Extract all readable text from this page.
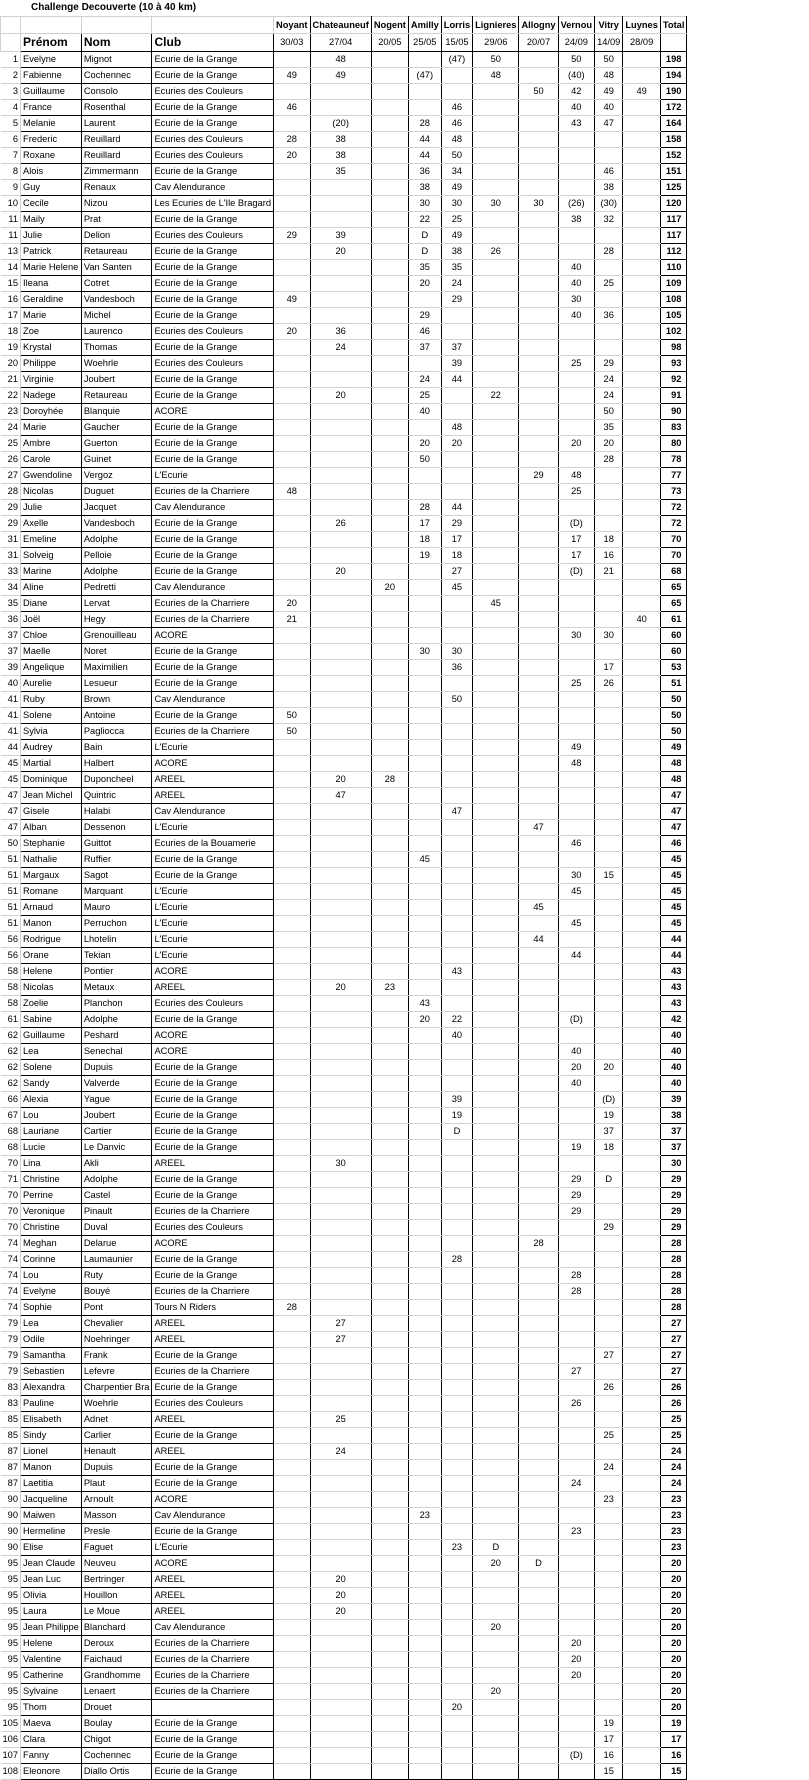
Challenge Decouverte (10 à 40 km)
				Noyant	Chateauneuf	Nogent	Amilly	Lorris	Lignieres	Allogny	Vernou	Vitry	Luynes	Total
	Prénom	Nom	Club	30/03	27/04	20/05	25/05	15/05	29/06	20/07	24/09	14/09	28/09	
1	Evelyne	Mignot	Ecurie de la Grange		48			(47)	50		50	50		198
2	Fabienne	Cochennec	Ecurie de la Grange	49	49		(47)		48		(40)	48		194
3	Guillaume	Consolo	Ecuries des Couleurs							50	42	49	49	190
4	France	Rosenthal	Ecurie de la Grange	46				46			40	40		172
5	Melanie	Laurent	Ecurie de la Grange		(20)		28	46			43	47		164
6	Frederic	Reuillard	Ecuries des Couleurs	28	38		44	48						158
7	Roxane	Reuillard	Ecuries des Couleurs	20	38		44	50						152
8	Alois	Zimmermann	Ecurie de la Grange		35		36	34				46		151
9	Guy	Renaux	Cav Alendurance				38	49				38		125
10	Cecile	Nizou	Les Ecuries de L'Ile Bragard				30	30	30	30	(26)	(30)		120
11	Maily	Prat	Ecurie de la Grange				22	25			38	32		117
11	Julie	Delion	Ecuries des Couleurs	29	39		D	49						117
13	Patrick	Retaureau	Ecurie de la Grange		20		D	38	26			28		112
14	Marie Helene	Van Santen	Ecurie de la Grange				35	35			40			110
15	Ileana	Cotret	Ecurie de la Grange				20	24			40	25		109
16	Geraldine	Vandesboch	Ecurie de la Grange	49				29			30			108
17	Marie	Michel	Ecurie de la Grange				29				40	36		105
18	Zoe	Laurenco	Ecuries des Couleurs	20	36		46							102
19	Krystal	Thomas	Ecurie de la Grange		24		37	37						98
20	Philippe	Woehrle	Ecuries des Couleurs					39			25	29		93
21	Virginie	Joubert	Ecurie de la Grange				24	44				24		92
22	Nadege	Retaureau	Ecurie de la Grange		20		25		22			24		91
23	Doroyhée	Blanquie	ACORE				40					50		90
24	Marie	Gaucher	Ecurie de la Grange					48				35		83
25	Ambre	Guerton	Ecurie de la Grange				20	20			20	20		80
26	Carole	Guinet	Ecurie de la Grange				50					28		78
27	Gwendoline	Vergoz	L'Ecurie							29	48			77
28	Nicolas	Duguet	Ecuries de la Charriere	48							25			73
29	Julie	Jacquet	Cav Alendurance				28	44						72
29	Axelle	Vandesboch	Ecurie de la Grange		26		17	29			(D)			72
31	Emeline	Adolphe	Ecurie de la Grange				18	17			17	18		70
31	Solveig	Pelloie	Ecurie de la Grange				19	18			17	16		70
33	Marine	Adolphe	Ecurie de la Grange		20			27			(D)	21		68
34	Aline	Pedretti	Cav Alendurance			20		45						65
35	Diane	Lervat	Ecuries de la Charriere	20					45					65
36	Joël	Hegy	Ecuries de la Charriere	21									40	61
37	Chloe	Grenouilleau	ACORE								30	30		60
37	Maelle	Noret	Ecurie de la Grange				30	30						60
39	Angelique	Maximilien	Ecurie de la Grange					36				17		53
40	Aurelie	Lesueur	Ecurie de la Grange								25	26		51
41	Ruby	Brown	Cav Alendurance					50						50
41	Solene	Antoine	Ecurie de la Grange	50										50
41	Sylvia	Pagliocca	Ecuries de la Charriere	50										50
44	Audrey	Bain	L'Ecurie								49			49
45	Martial	Halbert	ACORE								48			48
45	Dominique	Duponcheel	AREEL		20	28								48
47	Jean Michel	Quintric	AREEL		47									47
47	Gisele	Halabi	Cav Alendurance					47						47
47	Alban	Dessenon	L'Ecurie							47				47
50	Stephanie	Guittot	Ecuries de la Bouamerie								46			46
51	Nathalie	Ruffier	Ecurie de la Grange				45							45
51	Margaux	Sagot	Ecurie de la Grange								30	15		45
51	Romane	Marquant	L'Ecurie								45			45
51	Arnaud	Mauro	L'Ecurie							45				45
51	Manon	Perruchon	L'Ecurie								45			45
56	Rodrigue	Lhotelin	L'Ecurie							44				44
56	Orane	Tekian	L'Ecurie								44			44
58	Helene	Pontier	ACORE					43						43
58	Nicolas	Metaux	AREEL		20	23								43
58	Zoelie	Planchon	Ecuries des Couleurs				43							43
61	Sabine	Adolphe	Ecurie de la Grange				20	22			(D)			42
62	Guillaume	Peshard	ACORE					40						40
62	Lea	Senechal	ACORE								40			40
62	Solene	Dupuis	Ecurie de la Grange								20	20		40
62	Sandy	Valverde	Ecurie de la Grange								40			40
66	Alexia	Yague	Ecurie de la Grange					39				(D)		39
67	Lou	Joubert	Ecurie de la Grange					19				19		38
68	Lauriane	Cartier	Ecurie de la Grange					D				37		37
68	Lucie	Le Danvic	Ecurie de la Grange								19	18		37
70	Lina	Akli	AREEL		30									30
71	Christine	Adolphe	Ecurie de la Grange								29	D		29
70	Perrine	Castel	Ecurie de la Grange								29			29
70	Veronique	Pinault	Ecuries de la Charriere								29			29
70	Christine	Duval	Ecuries des Couleurs									29		29
74	Meghan	Delarue	ACORE							28				28
74	Corinne	Laumaunier	Ecurie de la Grange					28						28
74	Lou	Ruty	Ecurie de la Grange								28			28
74	Evelyne	Bouyé	Ecuries de la Charriere								28			28
74	Sophie	Pont	Tours N Riders	28										28
79	Lea	Chevalier	AREEL		27									27
79	Odile	Noehringer	AREEL		27									27
79	Samantha	Frank	Ecurie de la Grange									27		27
79	Sebastien	Lefevre	Ecuries de la Charriere								27			27
83	Alexandra	Charpentier Bra	Ecurie de la Grange									26		26
83	Pauline	Woehrle	Ecuries des Couleurs								26			26
85	Elisabeth	Adnet	AREEL		25									25
85	Sindy	Carlier	Ecurie de la Grange									25		25
87	Lionel	Henault	AREEL		24									24
87	Manon	Dupuis	Ecurie de la Grange									24		24
87	Laetitia	Plaut	Ecurie de la Grange								24			24
90	Jacqueline	Arnoult	ACORE									23		23
90	Maiwen	Masson	Cav Alendurance				23							23
90	Hermeline	Presle	Ecurie de la Grange								23			23
90	Elise	Faguet	L'Ecurie					23	D					23
95	Jean Claude	Neuveu	ACORE						20	D				20
95	Jean Luc	Bertringer	AREEL		20									20
95	Olivia	Houillon	AREEL		20									20
95	Laura	Le Moue	AREEL		20									20
95	Jean Philippe	Blanchard	Cav Alendurance						20					20
95	Helene	Deroux	Ecuries de la Charriere								20			20
95	Valentine	Faichaud	Ecuries de la Charriere								20			20
95	Catherine	Grandhomme	Ecuries de la Charriere								20			20
95	Sylvaine	Lenaert	Ecuries de la Charriere						20					20
95	Thom	Drouet						20						20
105	Maeva	Boulay	Ecurie de la Grange									19		19
106	Clara	Chigot	Ecurie de la Grange									17		17
107	Fanny	Cochennec	Ecurie de la Grange								(D)	16		16
108	Eleonore	Diallo Ortis	Ecurie de la Grange									15		15
